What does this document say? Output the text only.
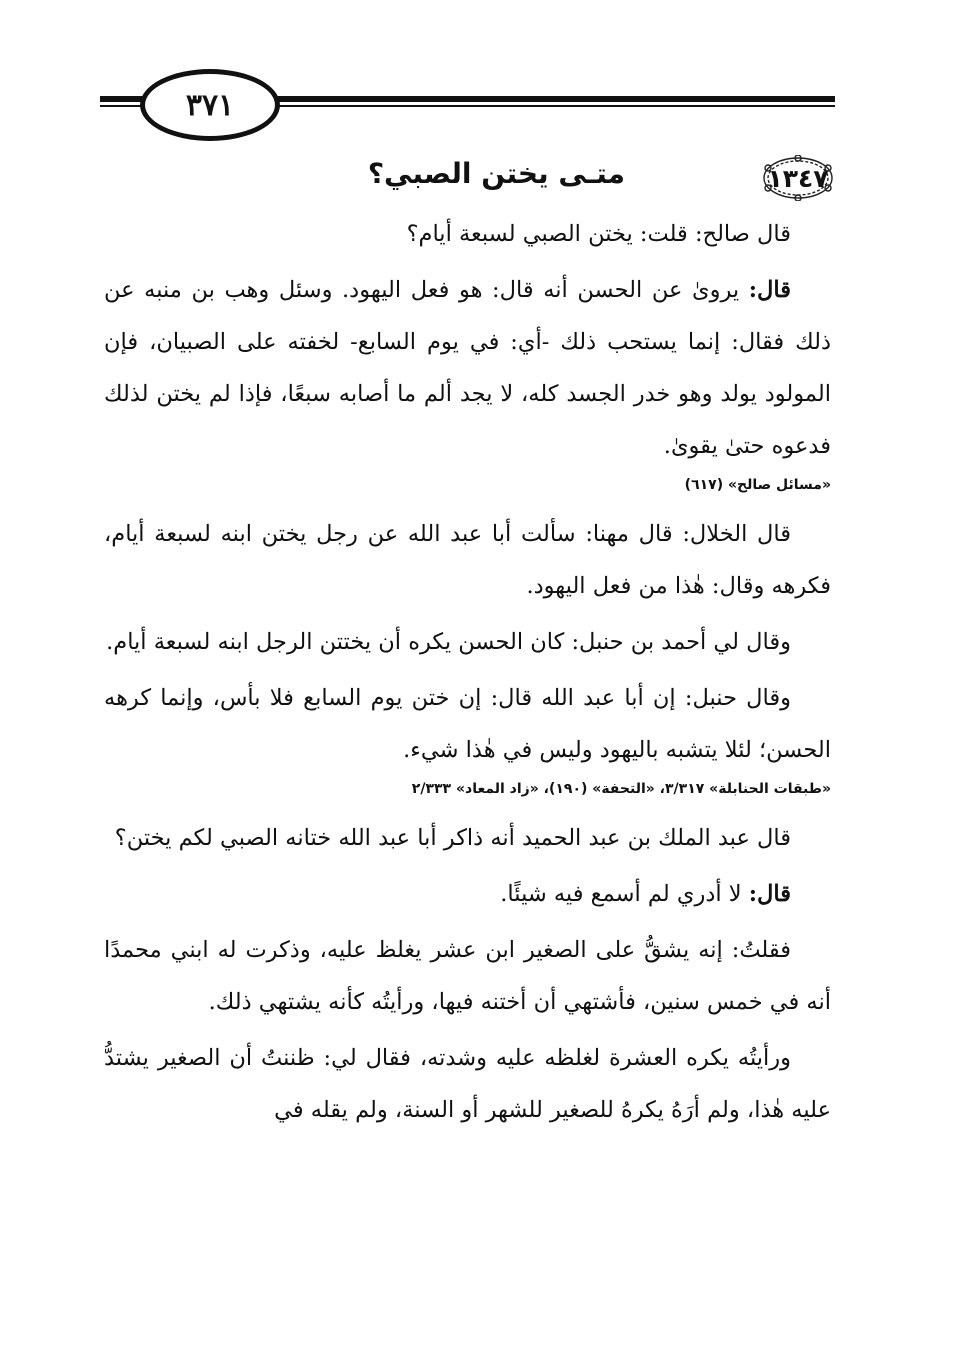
٣٧١
١٣٤٧
متـى يختن الصبي؟

قال صالح: قلت: يختن الصبي لسبعة أيام؟

قال: يروىٰ عن الحسن أنه قال: هو فعل اليهود. وسئل وهب بن منبه عن ذلك فقال: إنما يستحب ذلك -أي: في يوم السابع- لخفته على الصبيان، فإن المولود يولد وهو خدر الجسد كله، لا يجد ألم ما أصابه سبعًا، فإذا لم يختن لذلك فدعوه حتىٰ يقوىٰ.

«مسائل صالح» (٦١٧)

قال الخلال: قال مهنا: سألت أبا عبد الله عن رجل يختن ابنه لسبعة أيام، فكرهه وقال: هٰذا من فعل اليهود.

وقال لي أحمد بن حنبل: كان الحسن يكره أن يختتن الرجل ابنه لسبعة أيام.

وقال حنبل: إن أبا عبد الله قال: إن ختن يوم السابع فلا بأس، وإنما كرهه الحسن؛ لئلا يتشبه باليهود وليس في هٰذا شيء.

«طبقات الحنابلة» ٣/٣١٧، «التحفة» (١٩٠)، «زاد المعاد» ٢/٣٣٣

قال عبد الملك بن عبد الحميد أنه ذاكر أبا عبد الله ختانه الصبي لكم يختن؟

قال: لا أدري لم أسمع فيه شيئًا.

فقلتُ: إنه يشقُّ على الصغير ابن عشر يغلظ عليه، وذكرت له ابني محمدًا أنه في خمس سنين، فأشتهي أن أختنه فيها، ورأيتُه كأنه يشتهي ذلك.

ورأيتُه يكره العشرة لغلظه عليه وشدته، فقال لي: ظننتُ أن الصغير يشتدُّ عليه هٰذا، ولم أرَهُ يكرهُ للصغير للشهر أو السنة، ولم يقله في
